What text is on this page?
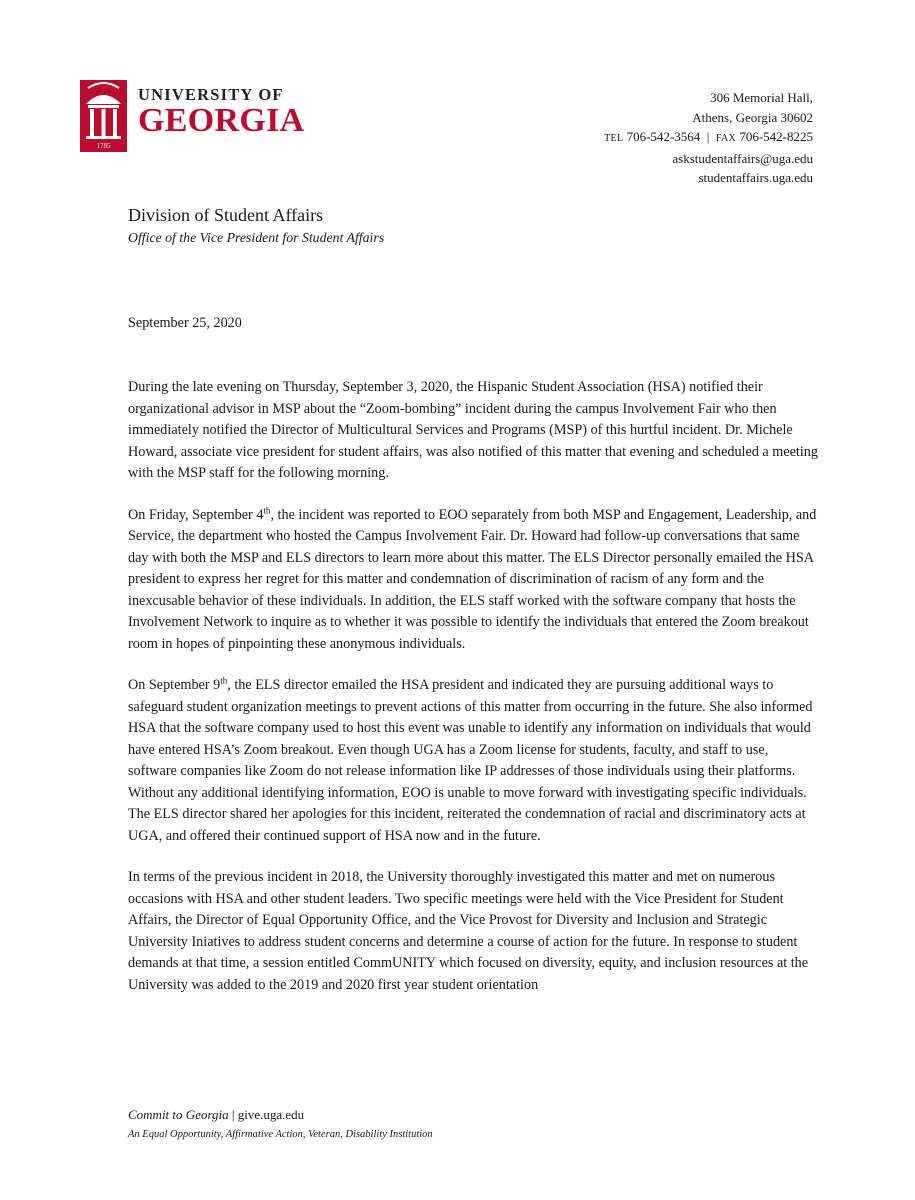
1785
UNIVERSITY OF
GEORGIA
306 Memorial Hall,
Athens, Georgia 30602
TEL 706-542-3564 | FAX 706-542-8225
askstudentaffairs@uga.edu
studentaffairs.uga.edu
Division of Student Affairs
Office of the Vice President for Student Affairs
September 25, 2020

During the late evening on Thursday, September 3, 2020, the Hispanic Student Association (HSA) notified their organizational advisor in MSP about the “Zoom-bombing” incident during the campus Involvement Fair who then immediately notified the Director of Multicultural Services and Programs (MSP) of this hurtful incident. Dr. Michele Howard, associate vice president for student affairs, was also notified of this matter that evening and scheduled a meeting with the MSP staff for the following morning.

On Friday, September 4th, the incident was reported to EOO separately from both MSP and Engagement, Leadership, and Service, the department who hosted the Campus Involvement Fair. Dr. Howard had follow-up conversations that same day with both the MSP and ELS directors to learn more about this matter. The ELS Director personally emailed the HSA president to express her regret for this matter and condemnation of discrimination of racism of any form and the inexcusable behavior of these individuals. In addition, the ELS staff worked with the software company that hosts the Involvement Network to inquire as to whether it was possible to identify the individuals that entered the Zoom breakout room in hopes of pinpointing these anonymous individuals.

On September 9th, the ELS director emailed the HSA president and indicated they are pursuing additional ways to safeguard student organization meetings to prevent actions of this matter from occurring in the future. She also informed HSA that the software company used to host this event was unable to identify any information on individuals that would have entered HSA’s Zoom breakout. Even though UGA has a Zoom license for students, faculty, and staff to use, software companies like Zoom do not release information like IP addresses of those individuals using their platforms. Without any additional identifying information, EOO is unable to move forward with investigating specific individuals. The ELS director shared her apologies for this incident, reiterated the condemnation of racial and discriminatory acts at UGA, and offered their continued support of HSA now and in the future.

In terms of the previous incident in 2018, the University thoroughly investigated this matter and met on numerous occasions with HSA and other student leaders. Two specific meetings were held with the Vice President for Student Affairs, the Director of Equal Opportunity Office, and the Vice Provost for Diversity and Inclusion and Strategic University Iniatives to address student concerns and determine a course of action for the future. In response to student demands at that time, a session entitled CommUNITY which focused on diversity, equity, and inclusion resources at the University was added to the 2019 and 2020 first year student orientation

Commit to Georgia | give.uga.edu
An Equal Opportunity, Affirmative Action, Veteran, Disability Institution
